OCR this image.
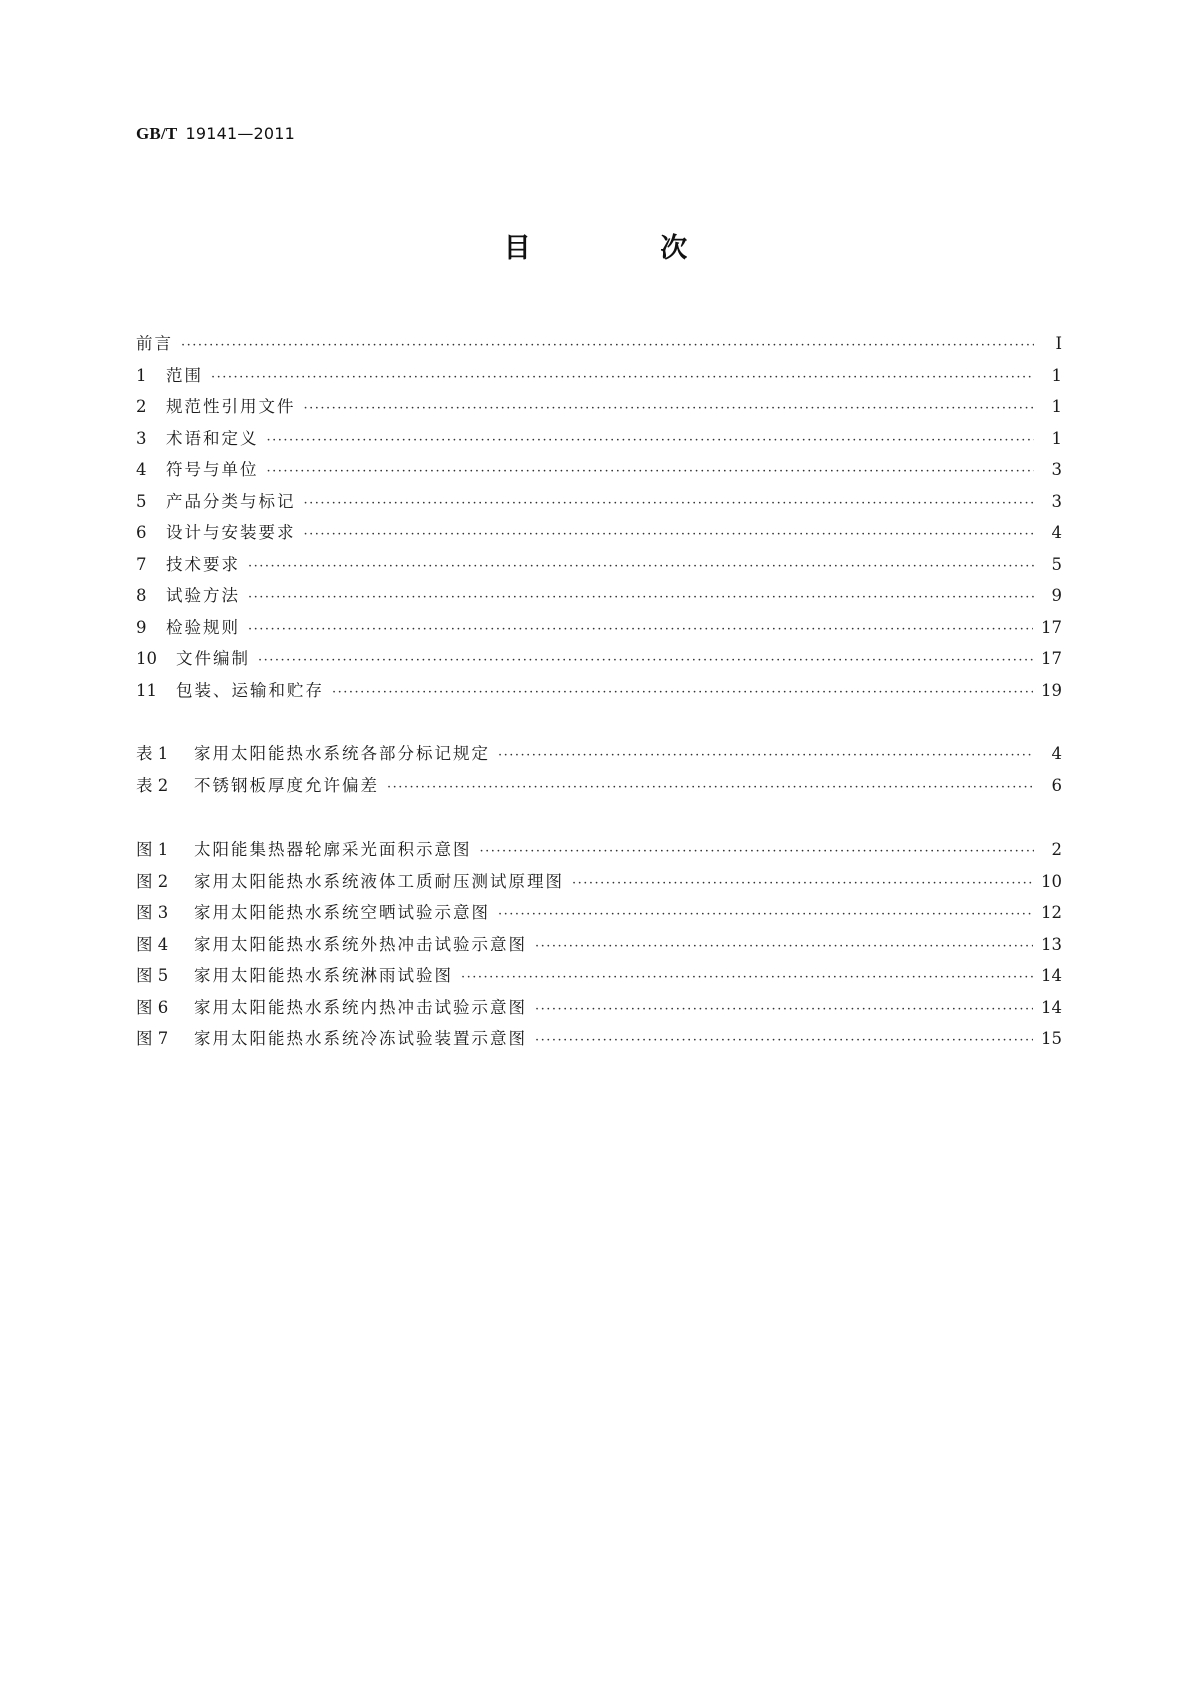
GB/T 19141—2011
目 次
前言 ·····	Ⅰ
1	范围 ·····	1
2	规范性引用文件 ·····	1
3	术语和定义 ·····	1
4	符号与单位 ·····	3
5	产品分类与标记 ·····	3
6	设计与安装要求 ·····	4
7	技术要求 ·····	5
8	试验方法 ·····	9
9	检验规则 ·····	17
10	文件编制 ·····	17
11	包装、运输和贮存 ·····	19
表 1	家用太阳能热水系统各部分标记规定 ·····	4
表 2	不锈钢板厚度允许偏差 ·····	6
图 1	太阳能集热器轮廓采光面积示意图 ·····	2
图 2	家用太阳能热水系统液体工质耐压测试原理图 ·····	10
图 3	家用太阳能热水系统空晒试验示意图 ·····	12
图 4	家用太阳能热水系统外热冲击试验示意图 ·····	13
图 5	家用太阳能热水系统淋雨试验图 ·····	14
图 6	家用太阳能热水系统内热冲击试验示意图 ·····	14
图 7	家用太阳能热水系统冷冻试验装置示意图 ·····	15
